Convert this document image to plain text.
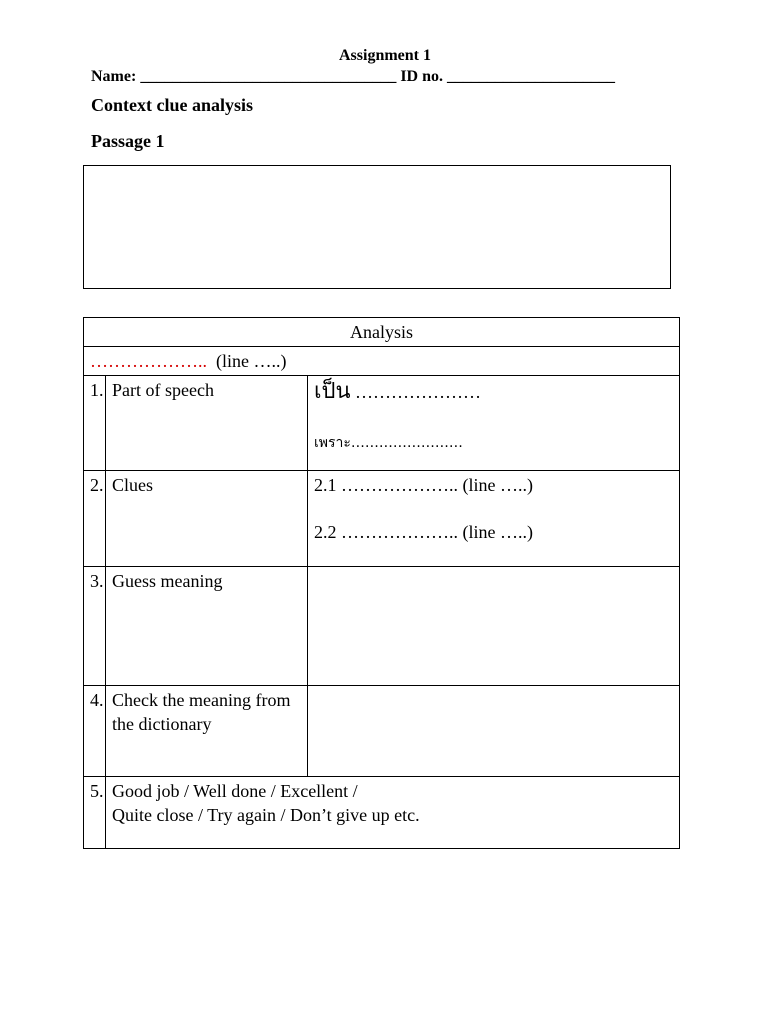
Assignment 1
Name: ________________________________ ID no. _____________________
Context clue analysis
Passage 1
Analysis		
……………….. (line …..)		
1.	Part of speech	เป็น …………………
เพราะ……………………

2.	Clues	2.1 ……………….. (line …..)
2.2 ……………….. (line …..)

3.	Guess meaning	
4.	Check the meaning from the dictionary	
5.	Good job / Well done / Excellent /
Quite close / Try again / Don’t give up etc.	
